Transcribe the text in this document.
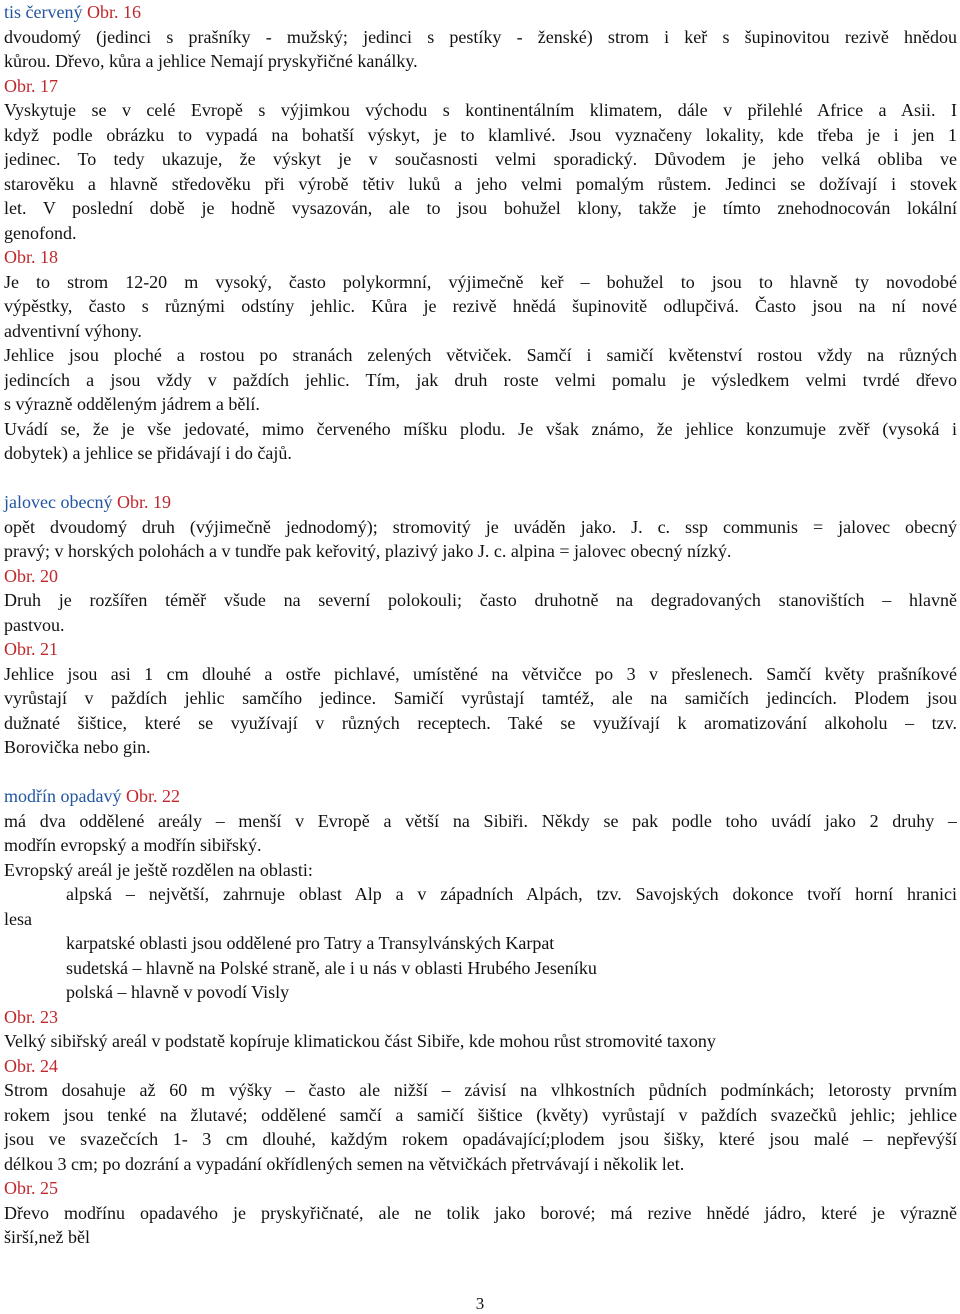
tis červený Obr. 16
dvoudomý (jedinci s prašníky - mužský; jedinci s pestíky - ženské) strom i keř s šupinovitou rezivě hnědou
kůrou. Dřevo, kůra a jehlice Nemají pryskyřičné kanálky.
Obr. 17
Vyskytuje se v celé Evropě s výjimkou východu s kontinentálním klimatem, dále v přilehlé Africe a Asii. I
když podle obrázku to vypadá na bohatší výskyt, je to klamlivé. Jsou vyznačeny lokality, kde třeba je i jen 1
jedinec. To tedy ukazuje, že výskyt je v současnosti velmi sporadický. Důvodem je jeho velká obliba ve
starověku a hlavně středověku při výrobě tětiv luků a jeho velmi pomalým růstem. Jedinci se dožívají i stovek
let. V poslední době je hodně vysazován, ale to jsou bohužel klony, takže je tímto znehodnocován lokální
genofond.
Obr. 18
Je to strom 12-20 m vysoký, často polykormní, výjimečně keř – bohužel to jsou to hlavně ty novodobé
výpěstky, často s různými odstíny jehlic. Kůra je rezivě hnědá šupinovitě odlupčivá. Často jsou na ní nové
adventivní výhony.
Jehlice jsou ploché a rostou po stranách zelených větviček. Samčí i samičí květenství rostou vždy na různých
jedincích a jsou vždy v paždích jehlic. Tím, jak druh roste velmi pomalu je výsledkem velmi tvrdé dřevo
s výrazně odděleným jádrem a bělí.
Uvádí se, že je vše jedovaté, mimo červeného míšku plodu. Je však známo, že jehlice konzumuje zvěř (vysoká i
dobytek) a jehlice se přidávají i do čajů.
jalovec obecný Obr. 19
opět dvoudomý druh (výjimečně jednodomý); stromovitý je uváděn jako. J. c. ssp communis = jalovec obecný
pravý; v horských polohách a v tundře pak keřovitý, plazivý jako J. c. alpina = jalovec obecný nízký.
Obr. 20
Druh je rozšířen téměř všude na severní polokouli; často druhotně na degradovaných stanovištích – hlavně
pastvou.
Obr. 21
Jehlice jsou asi 1 cm dlouhé a ostře pichlavé, umístěné na větvičce po 3 v přeslenech. Samčí květy prašníkové
vyrůstají v paždích jehlic samčího jedince. Samičí vyrůstají tamtéž, ale na samičích jedincích. Plodem jsou
dužnaté šištice, které se využívají v různých receptech. Také se využívají k aromatizování alkoholu – tzv.
Borovička nebo gin.
modřín opadavý Obr. 22
má dva oddělené areály – menší v Evropě a větší na Sibiři. Někdy se pak podle toho uvádí jako 2 druhy –
modřín evropský a modřín sibiřský.
Evropský areál je ještě rozdělen na oblasti:
alpská – největší, zahrnuje oblast Alp a v západních Alpách, tzv. Savojských dokonce tvoří horní hranici
lesa
karpatské oblasti jsou oddělené pro Tatry a Transylvánských Karpat
sudetská – hlavně na Polské straně, ale i u nás v oblasti Hrubého Jeseníku
polská – hlavně v povodí Visly
Obr. 23
Velký sibiřský areál v podstatě kopíruje klimatickou část Sibiře, kde mohou růst stromovité taxony
Obr. 24
Strom dosahuje až 60 m výšky – často ale nižší – závisí na vlhkostních půdních podmínkách; letorosty prvním
rokem jsou tenké na žlutavé; oddělené samčí a samičí šištice (květy) vyrůstají v paždích svazečků jehlic; jehlice
jsou ve svazečcích 1- 3 cm dlouhé, každým rokem opadávající;plodem jsou šišky, které jsou malé – nepřevýší
délkou 3 cm; po dozrání a vypadání okřídlených semen na větvičkách přetrvávají i několik let.
Obr. 25
Dřevo modřínu opadavého je pryskyřičnaté, ale ne tolik jako borové; má rezive hnědé jádro, které je výrazně
širší,než běl
3
